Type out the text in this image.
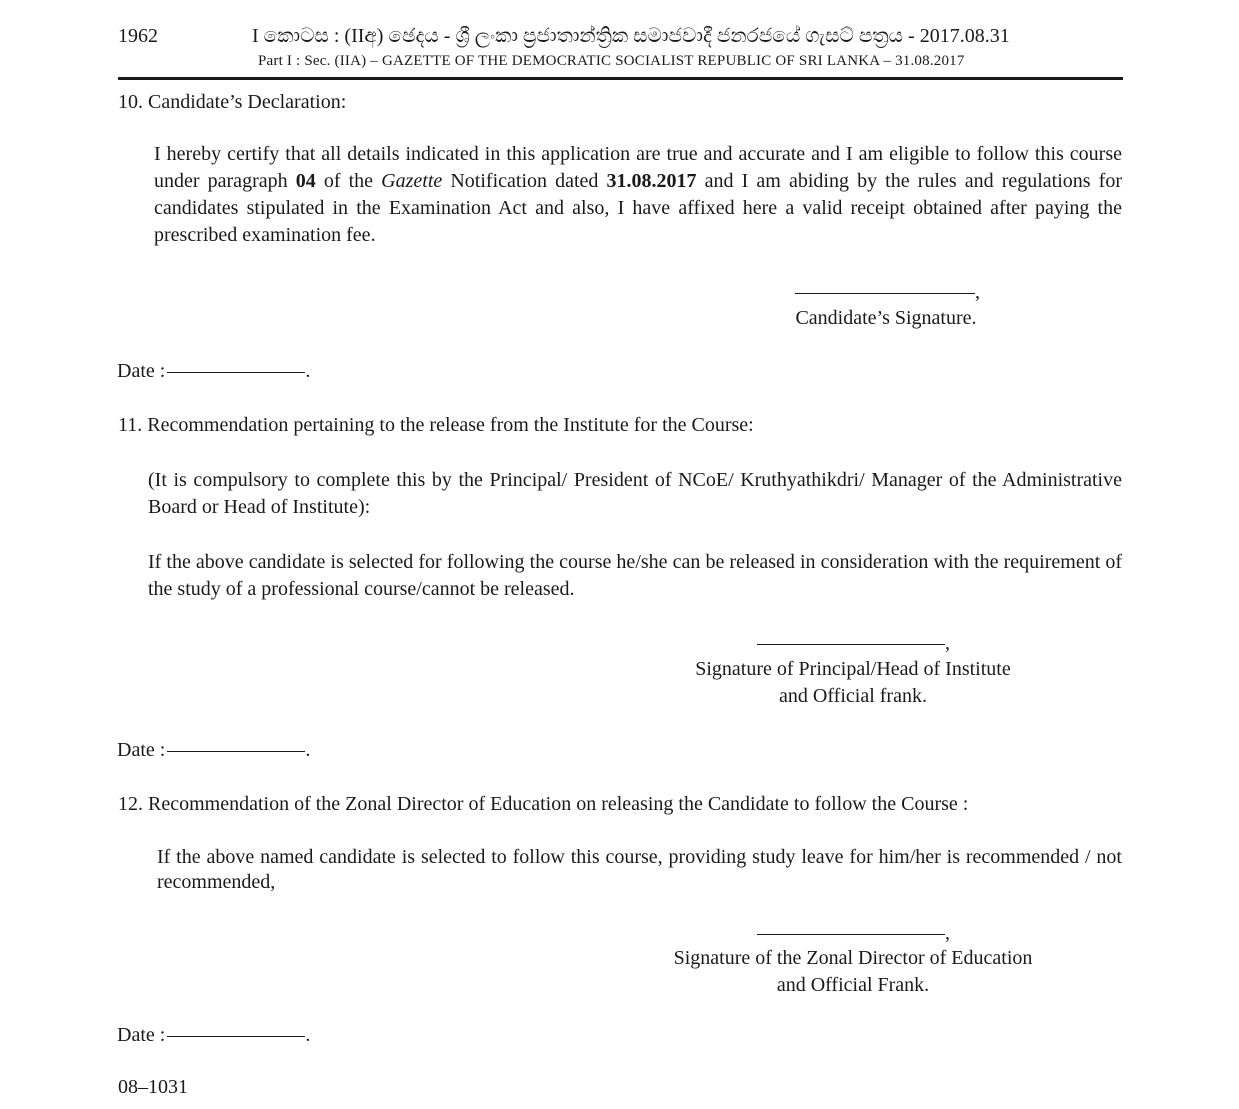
1962	I කොටස : (IIඅ) ඡෙදය - ශ්‍රී ලංකා ප්‍රජාතාන්ත්‍රික සමාජවාදී ජනරජයේ ගැසට් පත්‍රය - 2017.08.31
Part I : Sec. (IIA) – GAZETTE OF THE DEMOCRATIC SOCIALIST REPUBLIC OF SRI LANKA – 31.08.2017
10. Candidate’s Declaration:
I hereby certify that all details indicated in this application are true and accurate and I am eligible to follow this course under paragraph 04 of the Gazette Notification dated 31.08.2017 and I am abiding by the rules and regulations for candidates stipulated in the Examination Act and also, I have affixed here a valid receipt obtained after paying the prescribed examination fee.
,
Candidate’s Signature.
Date :	.
11. Recommendation pertaining to the release from the Institute for the Course:
(It is compulsory to complete this by the Principal/ President of NCoE/ Kruthyathikdri/ Manager of the Administrative Board or Head of Institute):
If the above candidate is selected for following the course he/she can be released in consideration with the requirement of the study of a professional course/cannot be released.
,
Signature of Principal/Head of Institute
and Official frank.
Date :	.
12. Recommendation of the Zonal Director of Education on releasing the Candidate to follow the Course :
If the above named candidate is selected to follow this course, providing study leave for him/her is recommended / not recommended,
,
Signature of the Zonal Director of Education
and Official Frank.
Date :	.
08–1031
